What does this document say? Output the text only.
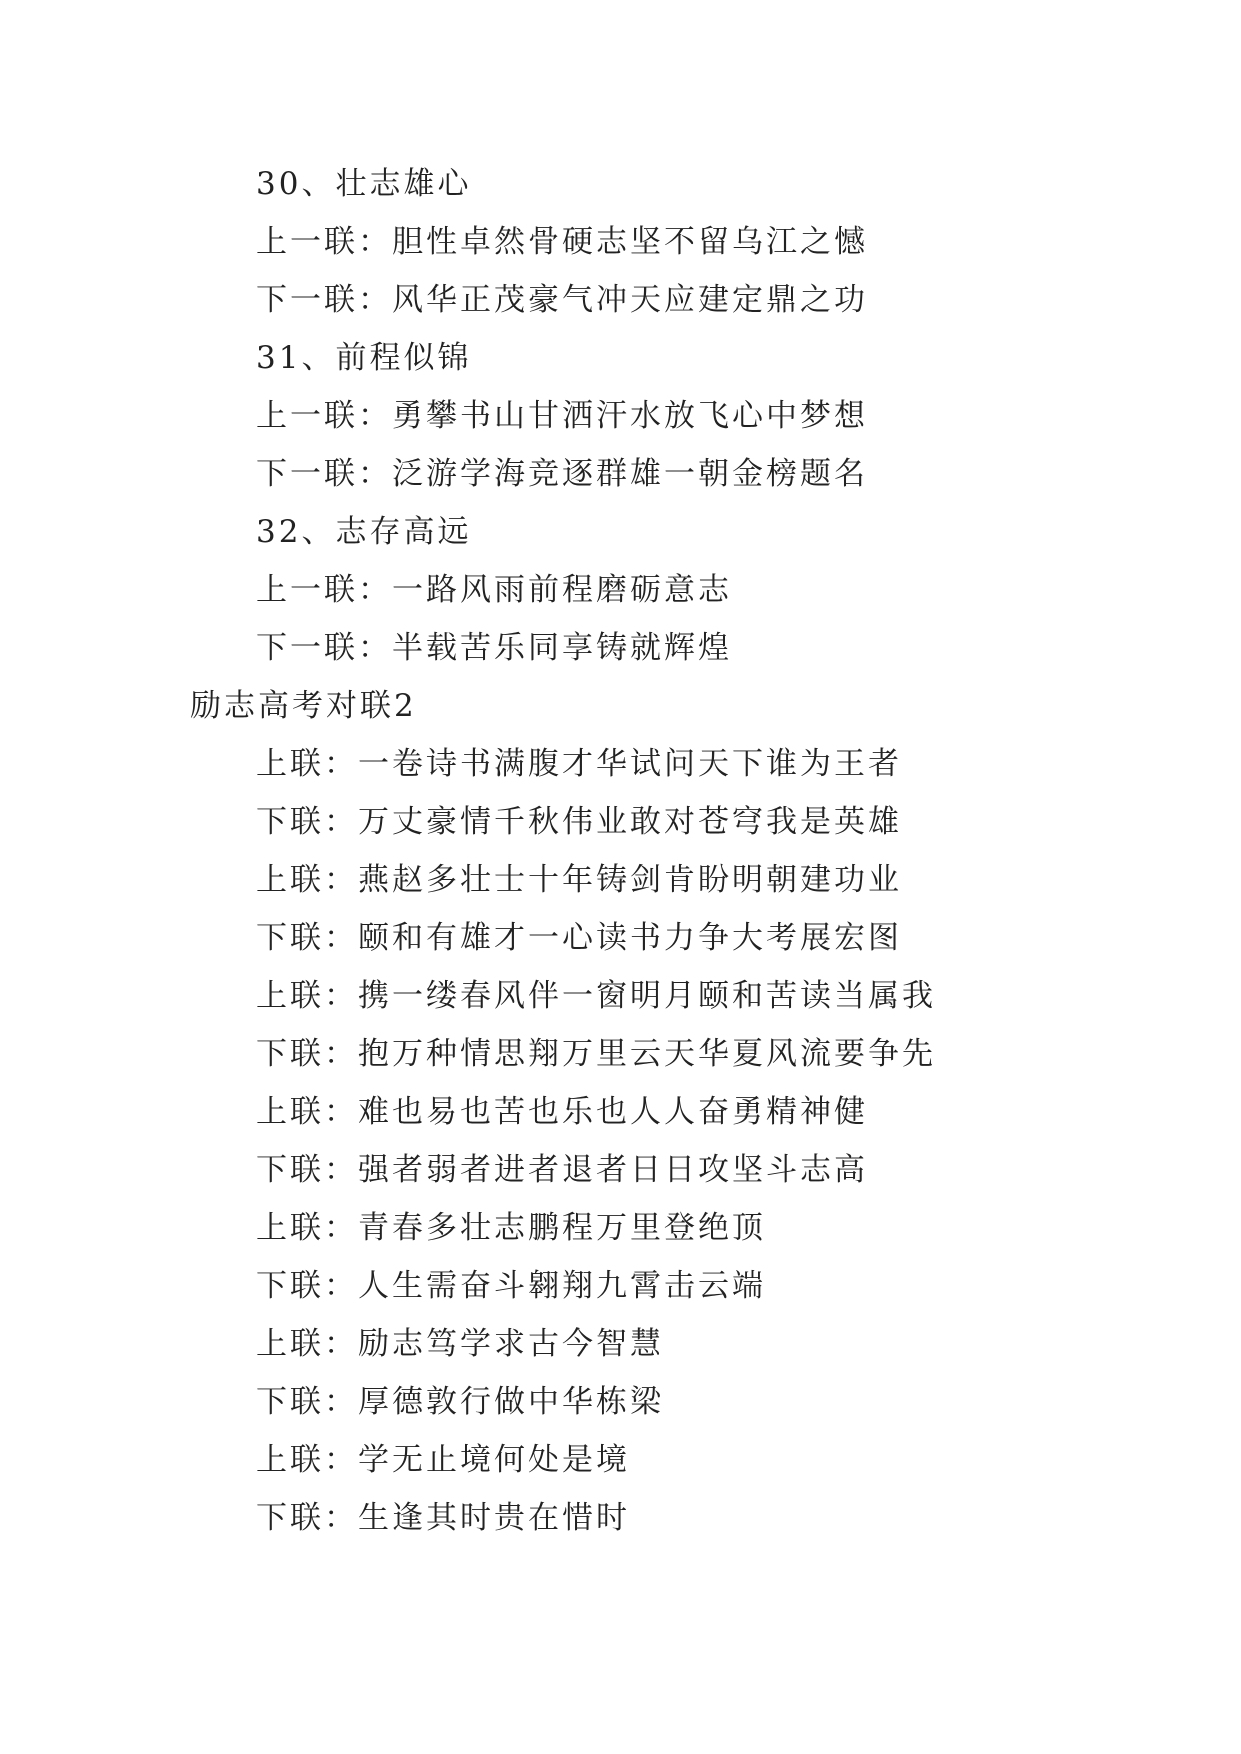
30、壮志雄心
上一联：胆性卓然骨硬志坚不留乌江之憾
下一联：风华正茂豪气冲天应建定鼎之功
31、前程似锦
上一联：勇攀书山甘洒汗水放飞心中梦想
下一联：泛游学海竞逐群雄一朝金榜题名
32、志存高远
上一联：一路风雨前程磨砺意志
下一联：半载苦乐同享铸就辉煌
励志高考对联2
上联：一卷诗书满腹才华试问天下谁为王者
下联：万丈豪情千秋伟业敢对苍穹我是英雄
上联：燕赵多壮士十年铸剑肯盼明朝建功业
下联：颐和有雄才一心读书力争大考展宏图
上联：携一缕春风伴一窗明月颐和苦读当属我
下联：抱万种情思翔万里云天华夏风流要争先
上联：难也易也苦也乐也人人奋勇精神健
下联：强者弱者进者退者日日攻坚斗志高
上联：青春多壮志鹏程万里登绝顶
下联：人生需奋斗翱翔九霄击云端
上联：励志笃学求古今智慧
下联：厚德敦行做中华栋梁
上联：学无止境何处是境
下联：生逢其时贵在惜时
